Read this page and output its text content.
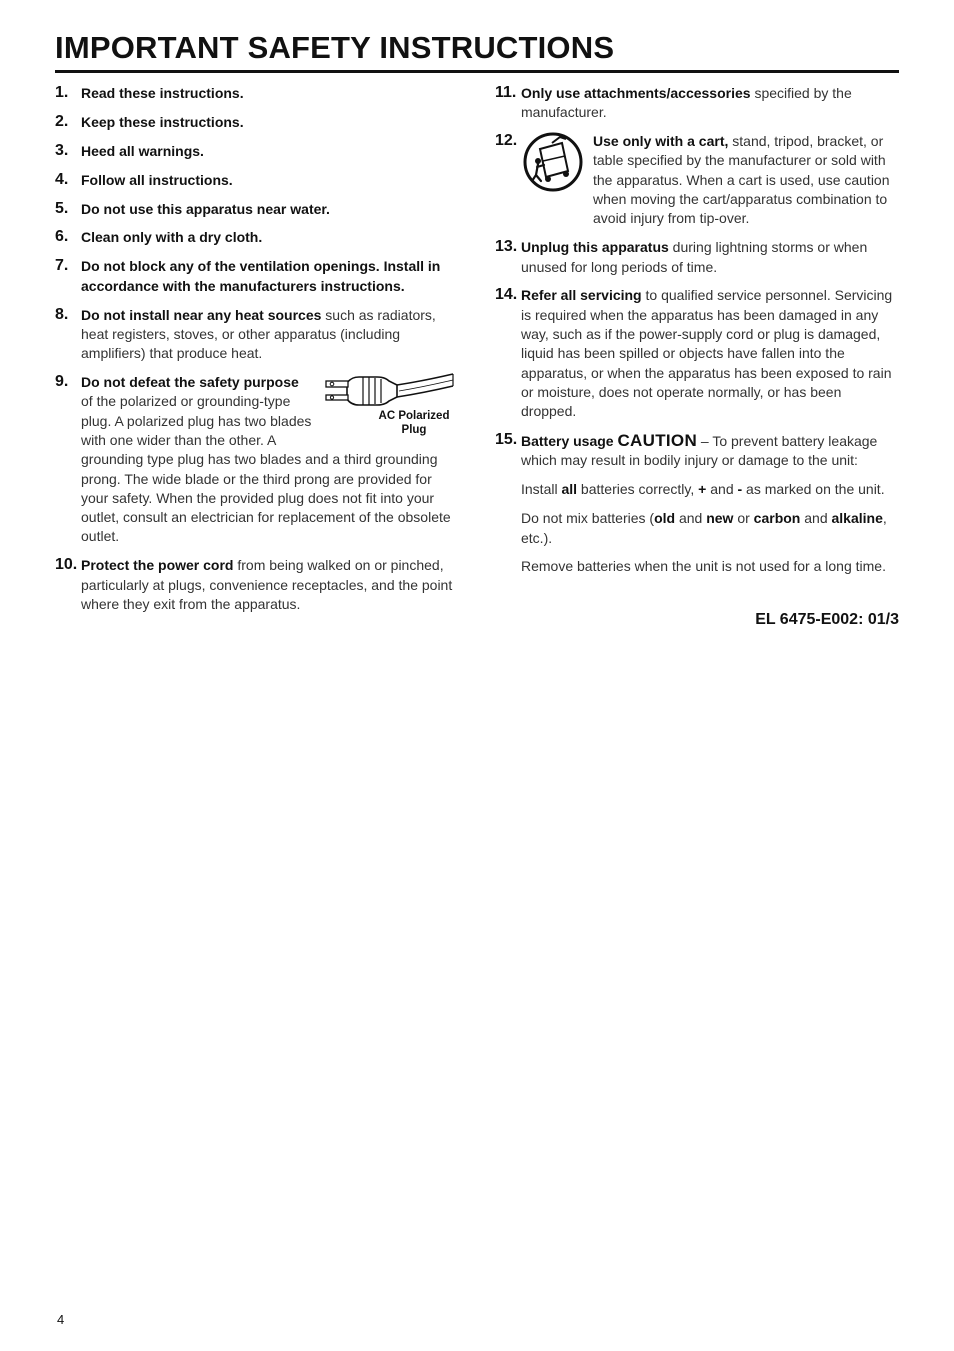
IMPORTANT SAFETY INSTRUCTIONS
1. Read these instructions.
2. Keep these instructions.
3. Heed all warnings.
4. Follow all instructions.
5. Do not use this apparatus near water.
6. Clean only with a dry cloth.
7. Do not block any of the ventilation openings. Install in accordance with the manufacturers instructions.
8. Do not install near any heat sources such as radiators, heat registers, stoves, or other apparatus (including amplifiers) that produce heat.
9.
AC Polarized Plug
Do not defeat the safety purpose of the polarized or grounding-type plug. A polarized plug has two blades with one wider than the other. A grounding type plug has two blades and a third grounding prong. The wide blade or the third prong are provided for your safety. When the provided plug does not fit into your outlet, consult an electrician for replacement of the obsolete outlet.
10. Protect the power cord from being walked on or pinched, particularly at plugs, convenience receptacles, and the point where they exit from the apparatus.
11. Only use attachments/accessories specified by the manufacturer.
12.	Use only with a cart, stand, tripod, bracket, or table specified by the manufacturer or sold with the apparatus. When a cart is used, use caution when moving the cart/apparatus combination to avoid injury from tip-over.
13. Unplug this apparatus during lightning storms or when unused for long periods of time.
14. Refer all servicing to qualified service personnel. Servicing is required when the apparatus has been damaged in any way, such as if the power-supply cord or plug is damaged, liquid has been spilled or objects have fallen into the apparatus, or when the apparatus has been exposed to rain or moisture, does not operate normally, or has been dropped.
15. Battery usage CAUTION – To prevent battery leakage which may result in bodily injury or damage to the unit:

Install all batteries correctly, + and - as marked on the unit.

Do not mix batteries (old and new or carbon and alkaline, etc.).

Remove batteries when the unit is not used for a long time.

EL 6475-E002: 01/3
4
